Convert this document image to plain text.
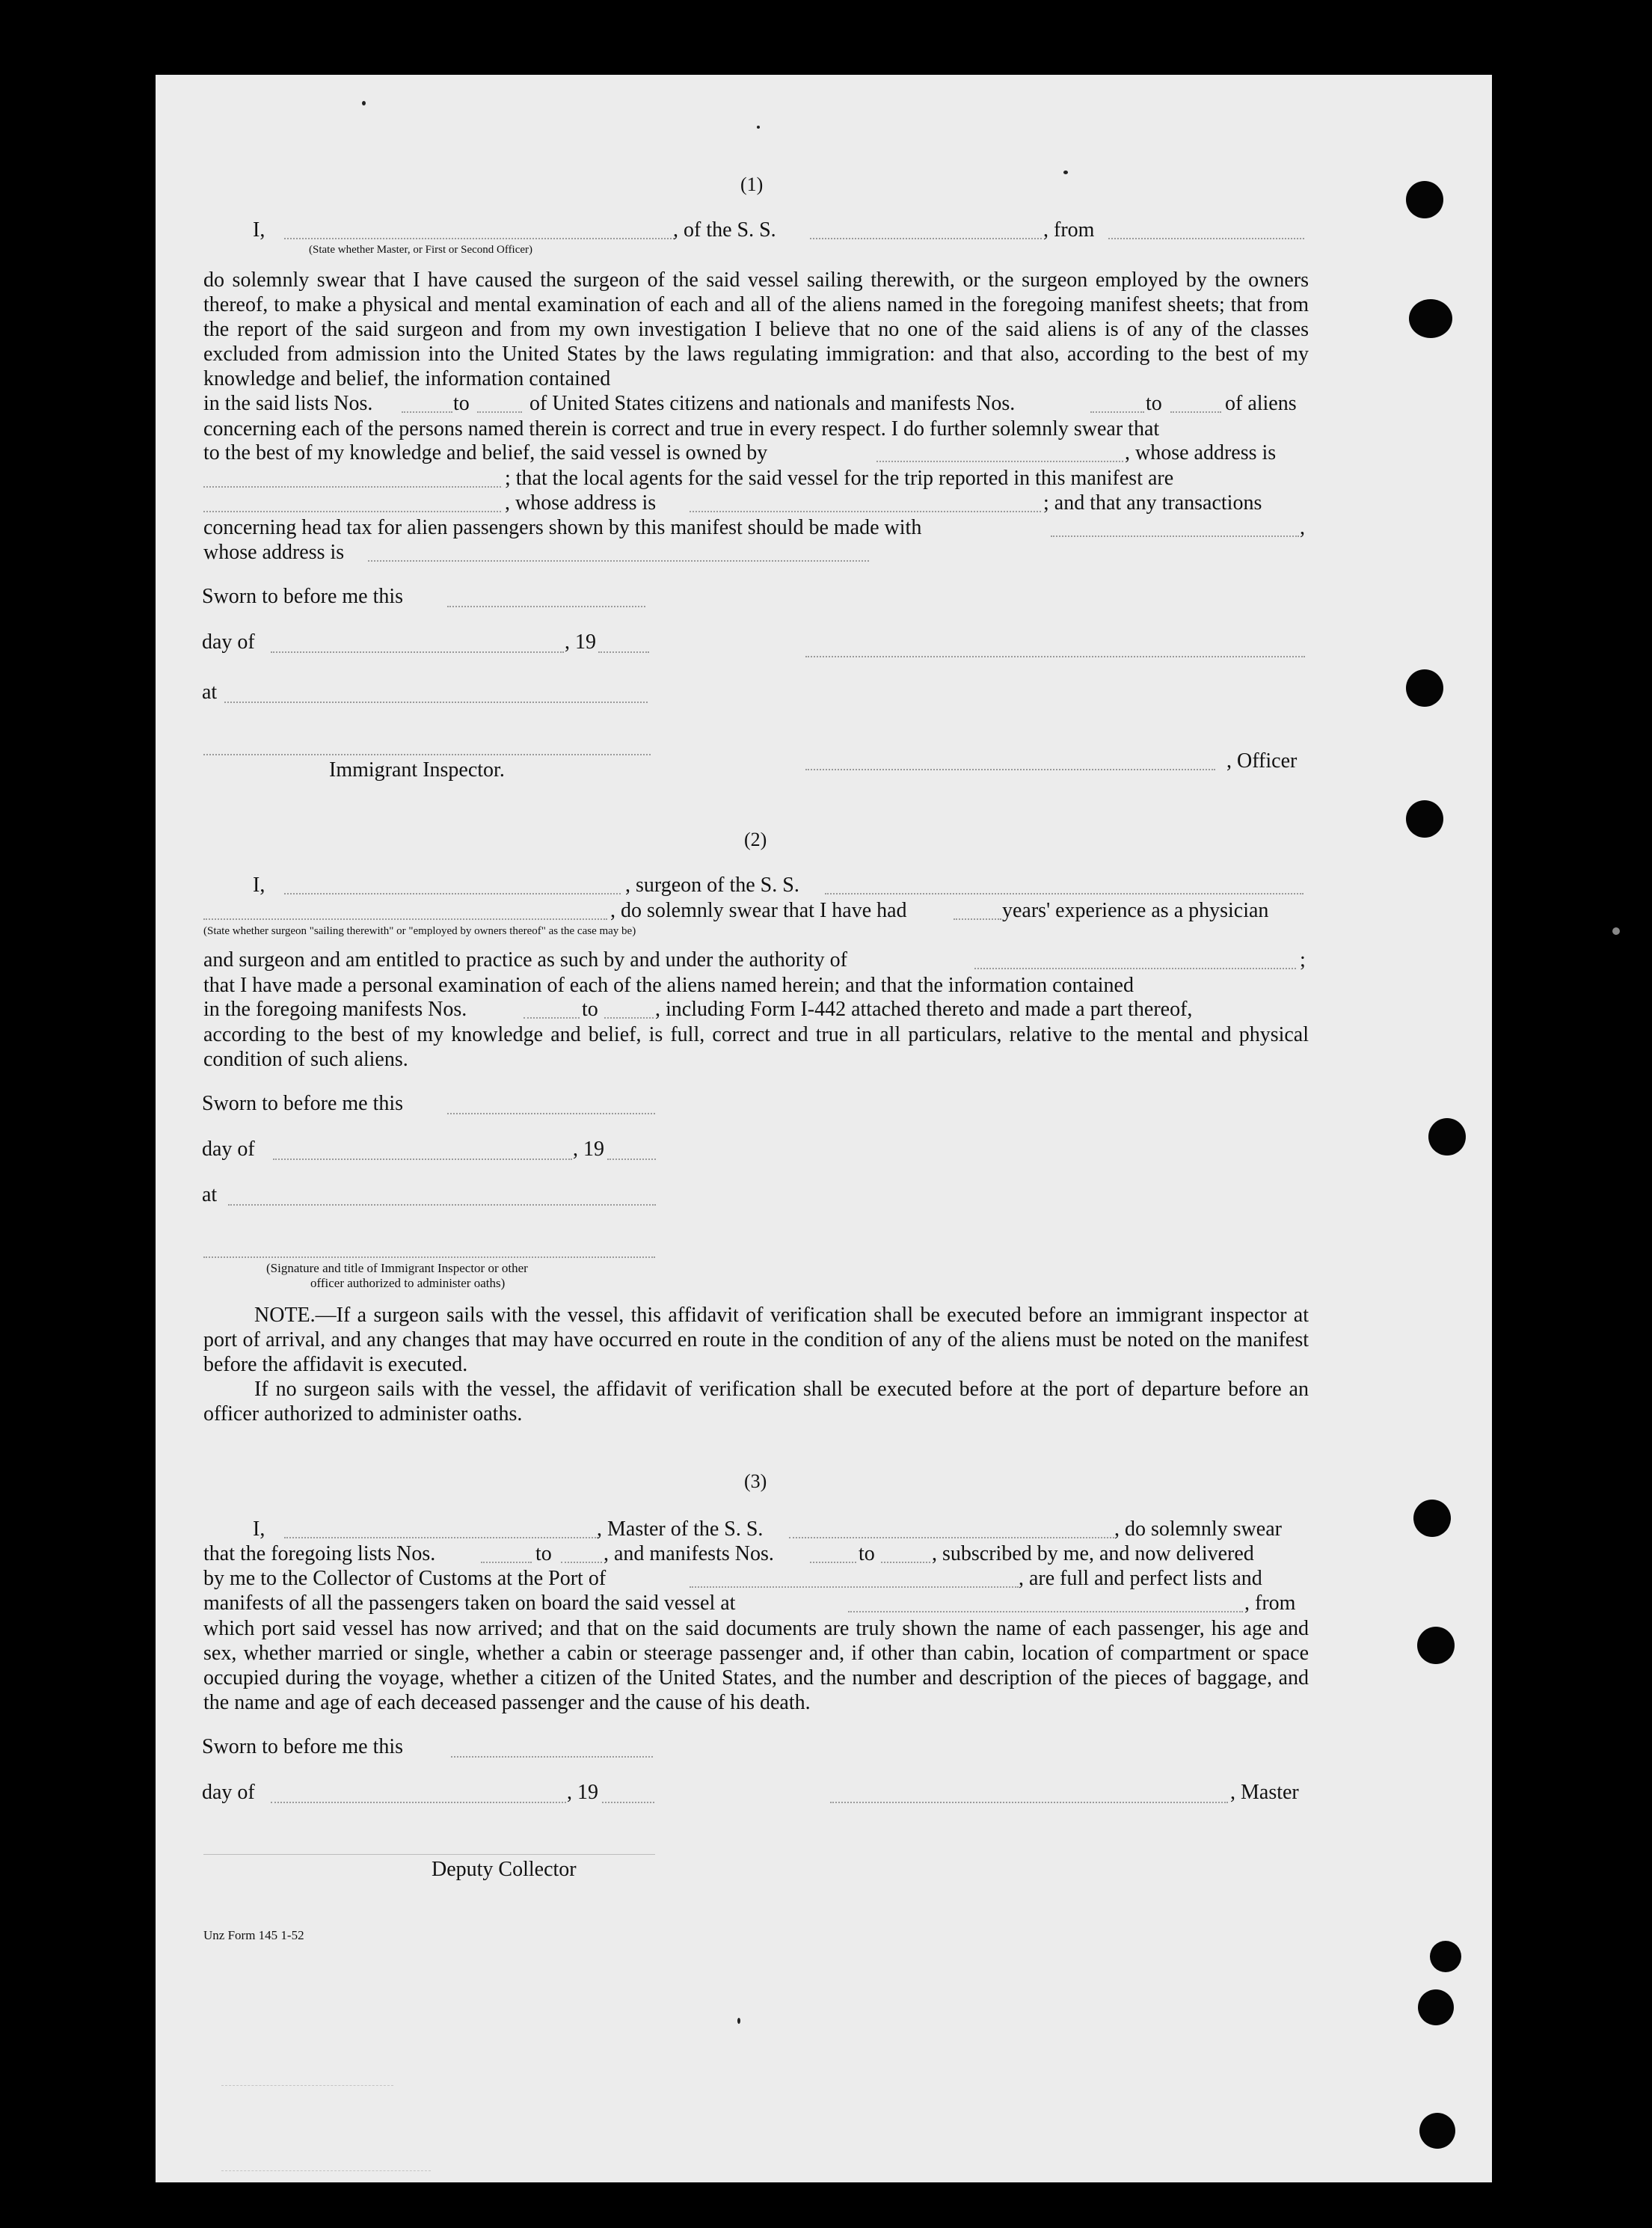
(1)
I,	, of the S. S.	, from
(State whether Master, or First or Second Officer)
do solemnly swear that I have caused the surgeon of the said vessel sailing therewith, or the surgeon employed by the owners thereof, to make a physical and mental examination of each and all of the aliens named in the foregoing manifest sheets; that from the report of the said surgeon and from my own investigation I believe that no one of the said aliens is of any of the classes excluded from admission into the United States by the laws regulating immigration: and that also, according to the best of my knowledge and belief, the information contained
in the said lists Nos.	to	of United States citizens and nationals and manifests Nos.	to	of aliens
concerning each of the persons named therein is correct and true in every respect. I do further solemnly swear that
to the best of my knowledge and belief, the said vessel is owned by	, whose address is
; that the local agents for the said vessel for the trip reported in this manifest are
, whose address is	; and that any transactions
concerning head tax for alien passengers shown by this manifest should be made with	,
whose address is
Sworn to before me this
day of	, 19
at
Immigrant Inspector.	, Officer
(2)
I,	, surgeon of the S. S.
, do solemnly swear that I have had	years' experience as a physician
(State whether surgeon "sailing therewith" or "employed by owners thereof" as the case may be)
and surgeon and am entitled to practice as such by and under the authority of	;
that I have made a personal examination of each of the aliens named herein; and that the information contained
in the foregoing manifests Nos.	to	, including Form I-442 attached thereto and made a part thereof,
according to the best of my knowledge and belief, is full, correct and true in all particulars, relative to the mental and physical condition of such aliens.
Sworn to before me this
day of	, 19
at
(Signature and title of Immigrant Inspector or other
officer authorized to administer oaths)
NOTE.—If a surgeon sails with the vessel, this affidavit of verification shall be executed before an immigrant inspector at port of arrival, and any changes that may have occurred en route in the condition of any of the aliens must be noted on the manifest before the affidavit is executed.
If no surgeon sails with the vessel, the affidavit of verification shall be executed before at the port of departure before an officer authorized to administer oaths.
(3)
I,	, Master of the S. S.	, do solemnly swear
that the foregoing lists Nos.	to , and manifests Nos.	to	, subscribed by me, and now delivered
by me to the Collector of Customs at the Port of	, are full and perfect lists and
manifests of all the passengers taken on board the said vessel at	, from
which port said vessel has now arrived; and that on the said documents are truly shown the name of each passenger, his age and sex, whether married or single, whether a cabin or steerage passenger and, if other than cabin, location of compartment or space occupied during the voyage, whether a citizen of the United States, and the number and description of the pieces of baggage, and the name and age of each deceased passenger and the cause of his death.
Sworn to before me this
day of	, 19	, Master
Deputy Collector
Unz Form 145 1-52
